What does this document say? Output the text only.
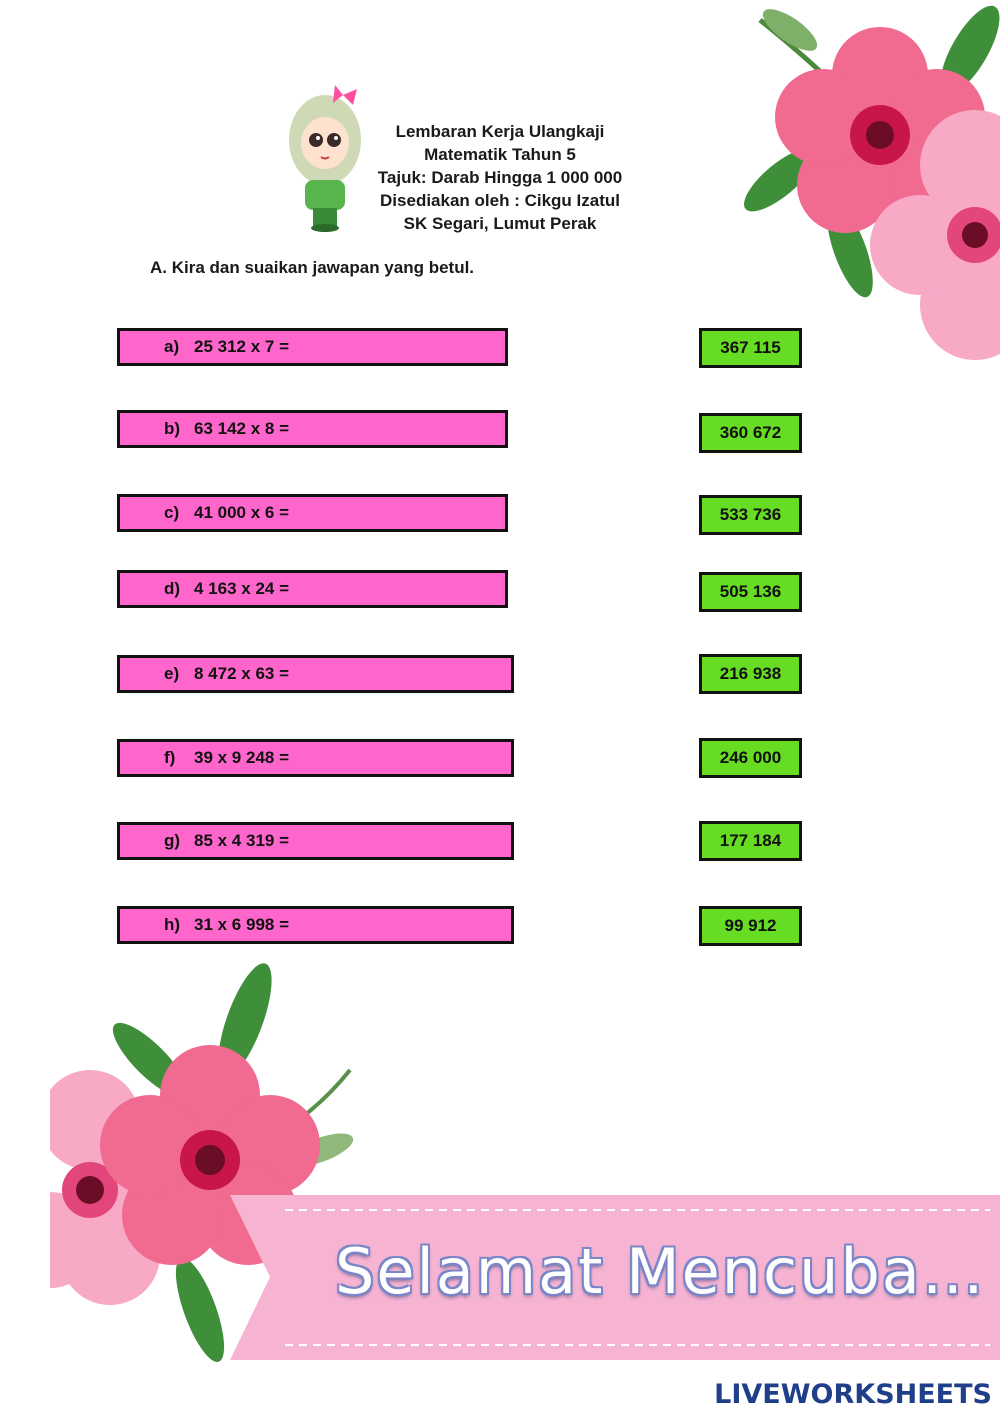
Lembaran Kerja Ulangkaji
Matematik Tahun 5
Tajuk: Darab Hingga 1 000 000
Disediakan oleh : Cikgu Izatul
SK Segari, Lumut Perak
A. Kira dan suaikan jawapan yang betul.
a) 25 312 x 7 =
b) 63 142 x 8 =
c) 41 000 x 6 =
d) 4 163 x 24 =
e) 8 472 x 63 =
f)	39 x 9 248 =
g) 85 x 4 319 =
h) 31 x 6 998 =
367 115
360 672
533 736
505 136
216 938
246 000
177 184
99 912
Selamat Mencuba…
LIVEWORKSHEETS
